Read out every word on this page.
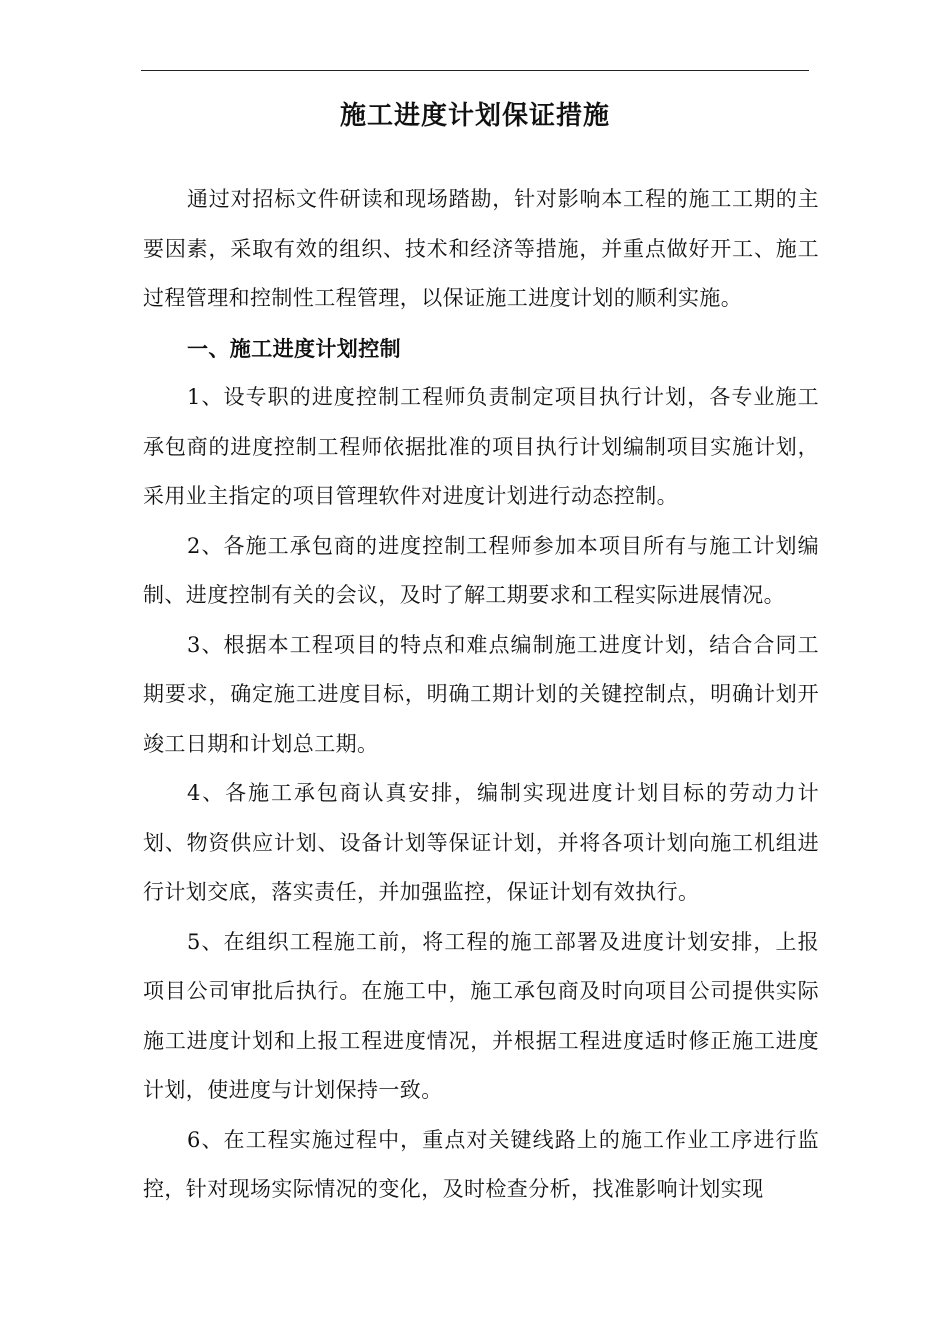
施工进度计划保证措施

通过对招标文件研读和现场踏勘，针对影响本工程的施工工期的主要因素，采取有效的组织、技术和经济等措施，并重点做好开工、施工过程管理和控制性工程管理，以保证施工进度计划的顺利实施。

一、施工进度计划控制

1、设专职的进度控制工程师负责制定项目执行计划，各专业施工承包商的进度控制工程师依据批准的项目执行计划编制项目实施计划，采用业主指定的项目管理软件对进度计划进行动态控制。

2、各施工承包商的进度控制工程师参加本项目所有与施工计划编制、进度控制有关的会议，及时了解工期要求和工程实际进展情况。

3、根据本工程项目的特点和难点编制施工进度计划，结合合同工期要求，确定施工进度目标，明确工期计划的关键控制点，明确计划开竣工日期和计划总工期。

4、各施工承包商认真安排，编制实现进度计划目标的劳动力计划、物资供应计划、设备计划等保证计划，并将各项计划向施工机组进行计划交底，落实责任，并加强监控，保证计划有效执行。

5、在组织工程施工前，将工程的施工部署及进度计划安排，上报项目公司审批后执行。在施工中，施工承包商及时向项目公司提供实际施工进度计划和上报工程进度情况，并根据工程进度适时修正施工进度计划，使进度与计划保持一致。

6、在工程实施过程中，重点对关键线路上的施工作业工序进行监控，针对现场实际情况的变化，及时检查分析，找准影响计划实现
